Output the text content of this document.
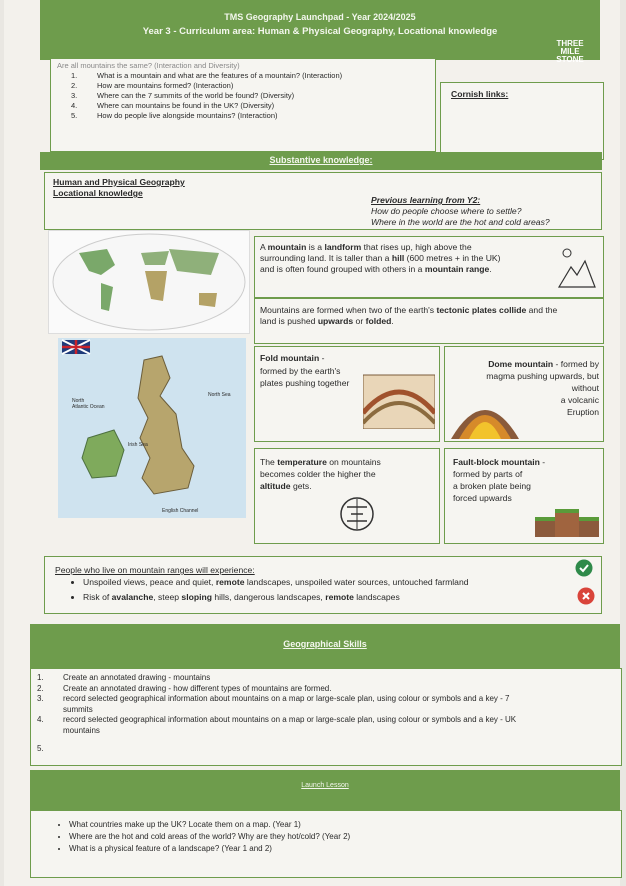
TMS Geography Launchpad - Year 2024/2025
Year 3 - Curriculum area: Human & Physical Geography, Locational knowledge
THREE
MILE
STONE
Are all mountains the same? (Interaction and Diversity)
1.	What is a mountain and what are the features of a mountain? (Interaction)
2.	How are mountains formed? (Interaction)
3.	Where can the 7 summits of the world be found? (Diversity)
4.	Where can mountains be found in the UK? (Diversity)
5.	How do people live alongside mountains? (Interaction)
Cornish links:
Substantive knowledge:
Human and Physical Geography
Locational knowledge
Previous learning from Y2:
How do people choose where to settle?
Where in the world are the hot and cold areas?
A mountain is a landform that rises up, high above the
surrounding land. It is taller than a hill (600 metres + in the UK)
and is often found grouped with others in a mountain range.
Mountains are formed when two of the earth's tectonic plates collide and the
land is pushed upwards or folded.
North Sea
North
Atlantic Ocean
Irish Sea
English Channel
Fold mountain -
formed by the earth's
plates pushing together
Dome mountain - formed by
magma pushing upwards, but
without
a volcanic
Eruption
The temperature on mountains
becomes colder the higher the
altitude gets.
Fault-block mountain -
formed by parts of
a broken plate being
forced upwards
People who live on mountain ranges will experience:
• Unspoiled views, peace and quiet, remote landscapes, unspoiled water sources, untouched farmland
• Risk of avalanche, steep sloping hills, dangerous landscapes, remote landscapes
Geographical Skills
1. Create an annotated drawing - mountains
2. Create an annotated drawing - how different types of mountains are formed.
3. record selected geographical information about mountains on a map or large-scale plan, using colour or symbols and a key - 7
summits
4. record selected geographical information about mountains on a map or large-scale plan, using colour or symbols and a key - UK
mountains
5.
Launch Lesson
• What countries make up the UK? Locate them on a map. (Year 1)
• Where are the hot and cold areas of the world? Why are they hot/cold? (Year 2)
• What is a physical feature of a landscape? (Year 1 and 2)
